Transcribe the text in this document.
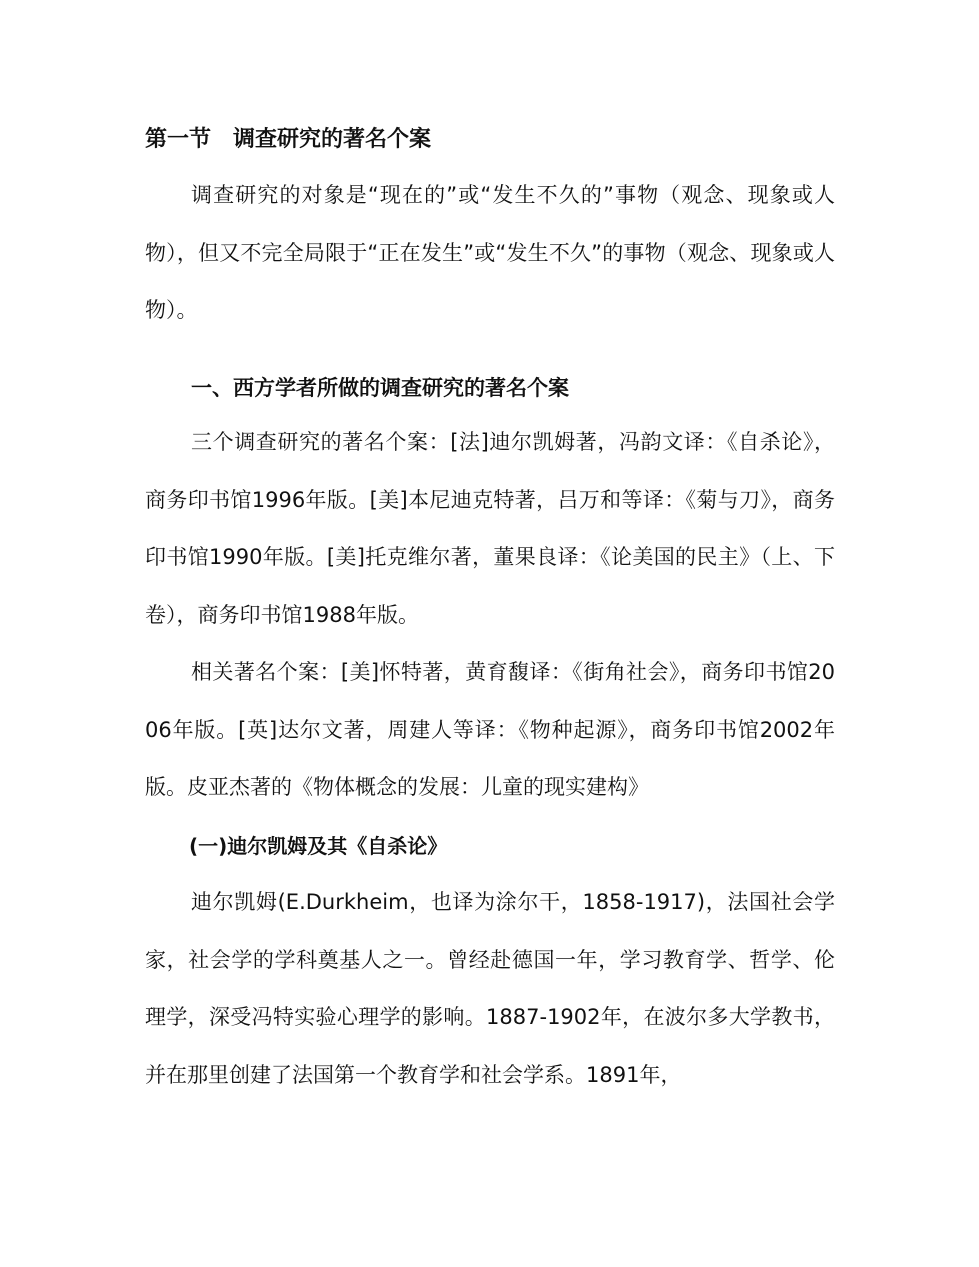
第一节　调查研究的著名个案
调查研究的对象是“现在的”或“发生不久的”事物（观念、现象或人物），但又不完全局限于“正在发生”或“发生不久”的事物（观念、现象或人物）。
一、西方学者所做的调查研究的著名个案
三个调查研究的著名个案：[法]迪尔凯姆著，冯韵文译：《自杀论》，商务印书馆1996年版。[美]本尼迪克特著，吕万和等译：《菊与刀》，商务印书馆1990年版。[美]托克维尔著，董果良译：《论美国的民主》（上、下卷），商务印书馆1988年版。
相关著名个案：[美]怀特著，黄育馥译：《街角社会》，商务印书馆2006年版。[英]达尔文著，周建人等译：《物种起源》，商务印书馆2002年版。皮亚杰著的《物体概念的发展：儿童的现实建构》
(一)迪尔凯姆及其《自杀论》
迪尔凯姆(E.Durkheim，也译为涂尔干，1858-1917)，法国社会学家，社会学的学科奠基人之一。曾经赴德国一年，学习教育学、哲学、伦理学，深受冯特实验心理学的影响。1887-1902年，在波尔多大学教书，并在那里创建了法国第一个教育学和社会学系。1891年，
